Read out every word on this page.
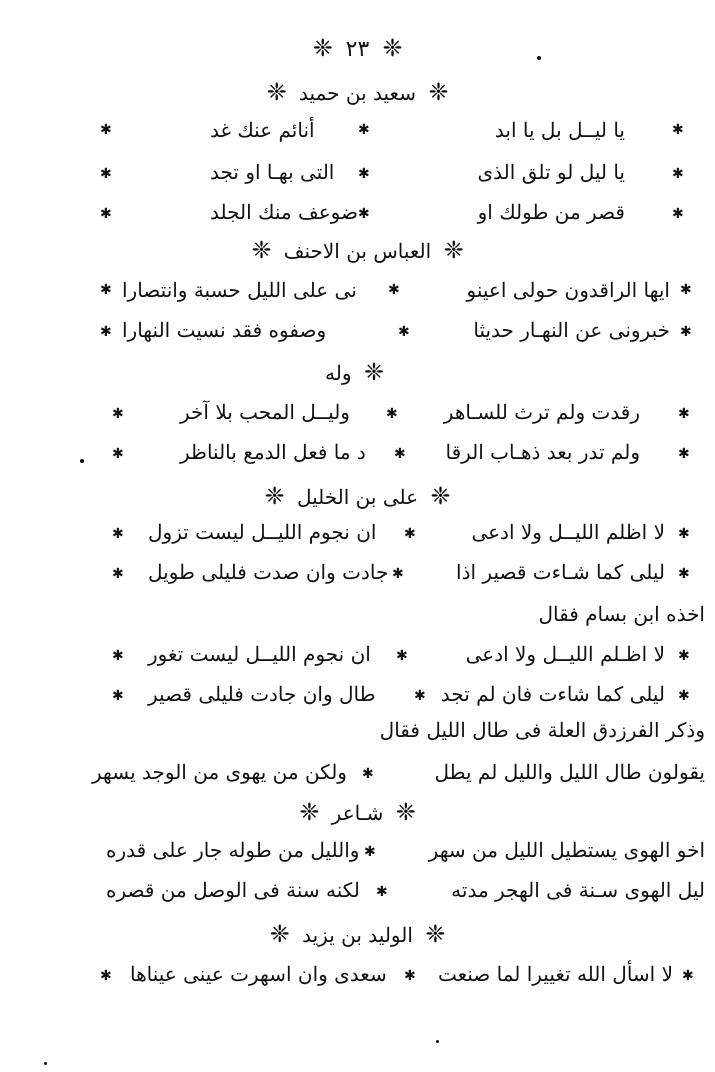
❈ ٢٣ ❈
❈ سعيد بن حميد ❈
✱
يا ليــل بل يا ابد
✱
أنائم عنك غد
✱
✱
يا ليل لو تلق الذى
✱
التى بهـا او تجد
✱
✱
قصر من طولك او
✱
ضوعف منك الجلد
✱
❈ العباس بن الاحنف ❈
✱
ايها الراقدون حولى اعينو
✱
نى على الليل حسبة وانتصارا
✱
✱
خبرونى عن النهـار حديثا
✱
وصفوه فقد نسيت النهارا
✱
❈ وله
✱
رقدت ولم ترث للسـاهر
✱
وليــل المحب بلا آخر
✱
✱
ولم تدر بعد ذهـاب الرقا
✱
د ما فعل الدمع بالناظر
✱
❈ على بن الخليل ❈
✱
لا اظلم الليــل ولا ادعى
✱
ان نجوم الليــل ليست تزول
✱
✱
ليلى كما شـاءت قصير اذا
✱
جادت وان صدت فليلى طويل
✱
اخذه ابن بسام فقال
✱
لا اظـلم الليــل ولا ادعى
✱
ان نجوم الليــل ليست تغور
✱
✱
ليلى كما شاءت فان لم تجد
✱
طال وان جادت فليلى قصير
✱
وذكر الفرزدق العلة فى طال الليل فقال
يقولون طال الليل والليل لم يطل
✱
ولكن من يهوى من الوجد يسهر
❈ شـاعر ❈
اخو الهوى يستطيل الليل من سهر
✱
والليل من طوله جار على قدره
ليل الهوى سـنة فى الهجر مدته
✱
لكنه سنة فى الوصل من قصره
❈ الوليد بن يزيد ❈
✱
لا اسأل الله تغييرا لما صنعت
✱
سعدى وان اسهرت عينى عيناها
✱
